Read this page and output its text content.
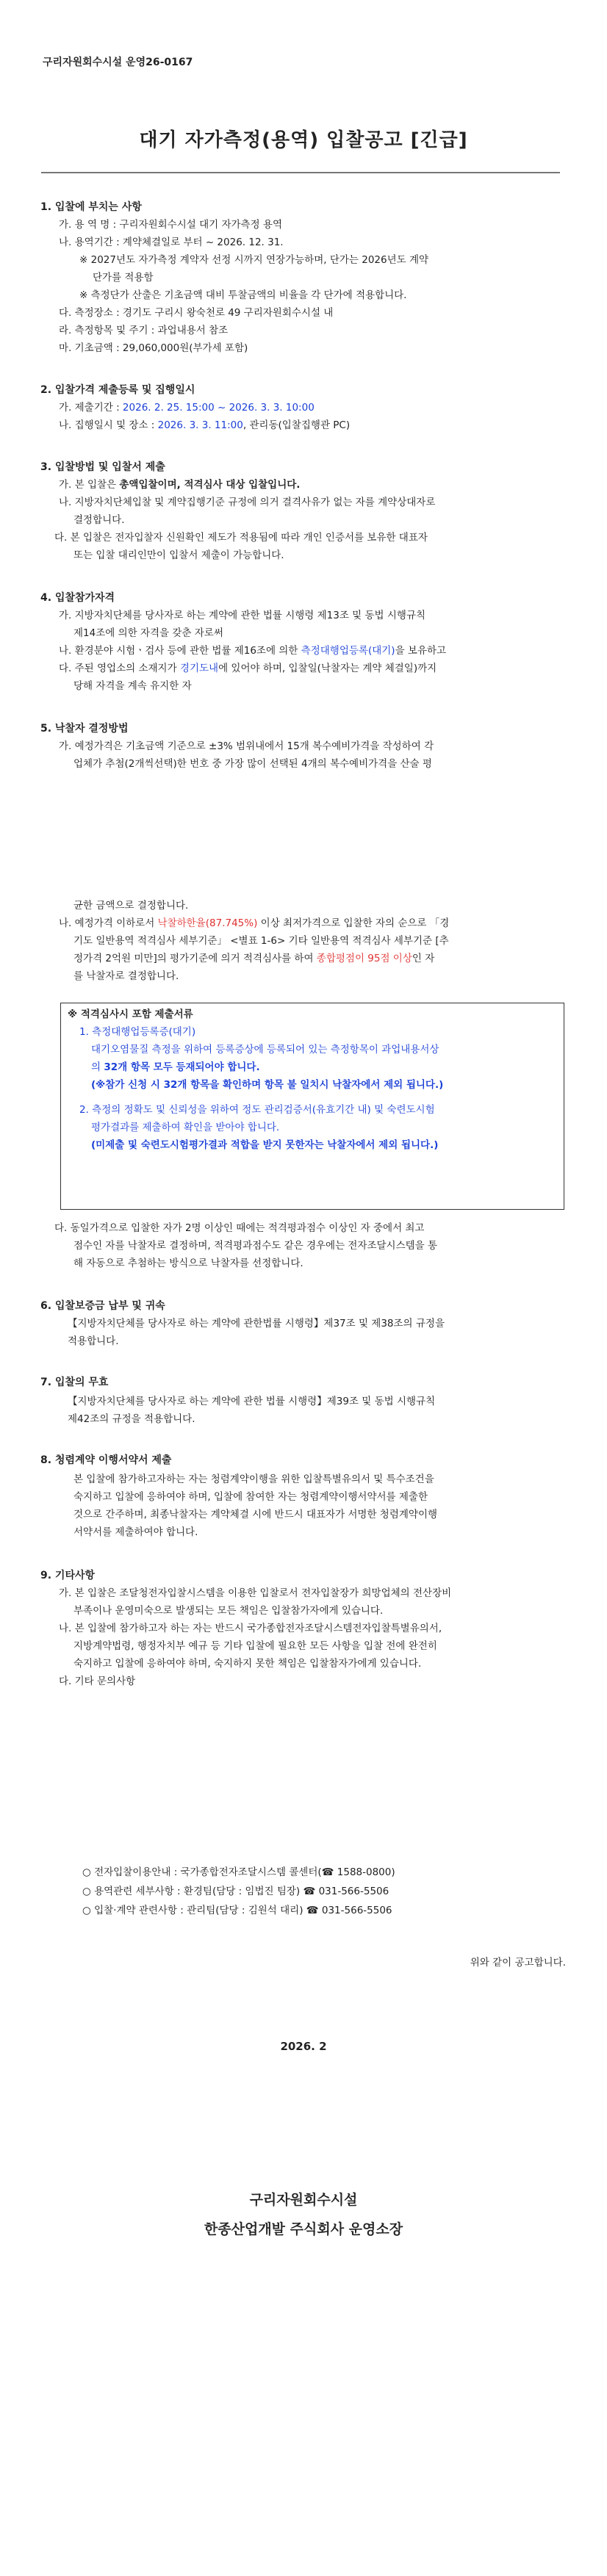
구리자원회수시설 운영26-0167
대기 자가측정(용역) 입찰공고 [긴급]
1. 입찰에 부치는 사항
가. 용 역 명 : 구리자원회수시설 대기 자가측정 용역
나. 용역기간 : 계약체결일로 부터 ~ 2026. 12. 31.
※ 2027년도 자가측정 계약자 선정 시까지 연장가능하며, 단가는 2026년도 계약
단가를 적용함
※ 측정단가 산출은 기초금액 대비 투찰금액의 비율을 각 단가에 적용합니다.
다. 측정장소 : 경기도 구리시 왕숙천로 49 구리자원회수시설 내
라. 측정항목 및 주기 : 과업내용서 참조
마. 기초금액 : 29,060,000원(부가세 포함)
2. 입찰가격 제출등록 및 집행일시
가. 제출기간 : 2026. 2. 25. 15:00 ~ 2026. 3. 3. 10:00
나. 집행일시 및 장소 : 2026. 3. 3. 11:00, 관리동(입찰집행관 PC)
3. 입찰방법 및 입찰서 제출
가. 본 입찰은 총액입찰이며, 적격심사 대상 입찰입니다.
나. 지방자치단체입찰 및 계약집행기준 규정에 의거 결격사유가 없는 자를 계약상대자로
결정합니다.
다. 본 입찰은 전자입찰자 신원확인 제도가 적용됨에 따라 개인 인증서를 보유한 대표자
또는 입찰 대리인만이 입찰서 제출이 가능합니다.
4. 입찰참가자격
가. 지방자치단체를 당사자로 하는 계약에 관한 법률 시행령 제13조 및 동법 시행규칙
제14조에 의한 자격을 갖춘 자로써
나. 환경분야 시험ㆍ검사 등에 관한 법률 제16조에 의한 측정대행업등록(대기)을 보유하고
다. 주된 영업소의 소재지가 경기도내에 있어야 하며, 입찰일(낙찰자는 계약 체결일)까지
당해 자격을 계속 유지한 자
5. 낙찰자 결정방법
가. 예정가격은 기초금액 기준으로 ±3% 범위내에서 15개 복수예비가격을 작성하여 각
업체가 추첨(2개씩선택)한 번호 중 가장 많이 선택된 4개의 복수예비가격을 산술 평
균한 금액으로 결정합니다.
나. 예정가격 이하로서 낙찰하한율(87.745%) 이상 최저가격으로 입찰한 자의 순으로 「경
기도 일반용역 적격심사 세부기준」 <별표 1-6> 기타 일반용역 적격심사 세부기준 [추
정가격 2억원 미만]의 평가기준에 의거 적격심사를 하여 종합평점이 95점 이상인 자
를 낙찰자로 결정합니다.
※ 적격심사시 포함 제출서류
1. 측정대행업등록증(대기)
대기오염물질 측정을 위하여 등록증상에 등록되어 있는 측정항목이 과업내용서상
의 32개 항목 모두 등재되어야 합니다.
(※참가 신청 시 32개 항목을 확인하며 항목 불 일치시 낙찰자에서 제외 됩니다.)
2. 측정의 정확도 및 신뢰성을 위하여 정도 관리검증서(유효기간 내) 및 숙련도시험
평가결과를 제출하여 확인을 받아야 합니다.
(미제출 및 숙련도시험평가결과 적합을 받지 못한자는 낙찰자에서 제외 됩니다.)
다. 동일가격으로 입찰한 자가 2명 이상인 때에는 적격평과점수 이상인 자 중에서 최고
점수인 자를 낙찰자로 결정하며, 적격평과점수도 같은 경우에는 전자조달시스템을 통
해 자동으로 추첨하는 방식으로 낙찰자를 선정합니다.
6. 입찰보증금 납부 및 귀속
【지방자치단체를 당사자로 하는 계약에 관한법률 시행령】제37조 및 제38조의 규정을
적용합니다.
7. 입찰의 무효
【지방자치단체를 당사자로 하는 계약에 관한 법률 시행령】제39조 및 동법 시행규칙
제42조의 규정을 적용합니다.
8. 청렴계약 이행서약서 제출
본 입찰에 참가하고자하는 자는 청렴계약이행을 위한 입찰특별유의서 및 특수조건을
숙지하고 입찰에 응하여야 하며, 입찰에 참여한 자는 청렴계약이행서약서를 제출한
것으로 간주하며, 최종낙찰자는 계약체결 시에 반드시 대표자가 서명한 청렴계약이행
서약서를 제출하여야 합니다.
9. 기타사항
가. 본 입찰은 조달청전자입찰시스템을 이용한 입찰로서 전자입찰장가 희망업체의 전산장비
부족이나 운영미숙으로 발생되는 모든 책임은 입찰참가자에게 있습니다.
나. 본 입찰에 참가하고자 하는 자는 반드시 국가종합전자조달시스템전자입찰특별유의서,
지방계약법령, 행정자치부 예규 등 기타 입찰에 필요한 모든 사항을 입찰 전에 완전히
숙지하고 입찰에 응하여야 하며, 숙지하지 못한 책임은 입찰참자가에게 있습니다.
다. 기타 문의사항
○ 전자입찰이용안내 : 국가종합전자조달시스템 콜센터(☎ 1588-0800)
○ 용역관련 세부사항 : 환경팀(담당 : 임법진 팀장) ☎ 031-566-5506
○ 입찰‧계약 관련사항 : 관리팀(담당 : 김원석 대리) ☎ 031-566-5506
위와 같이 공고합니다.
2026. 2
구리자원회수시설
한종산업개발 주식회사 운영소장
